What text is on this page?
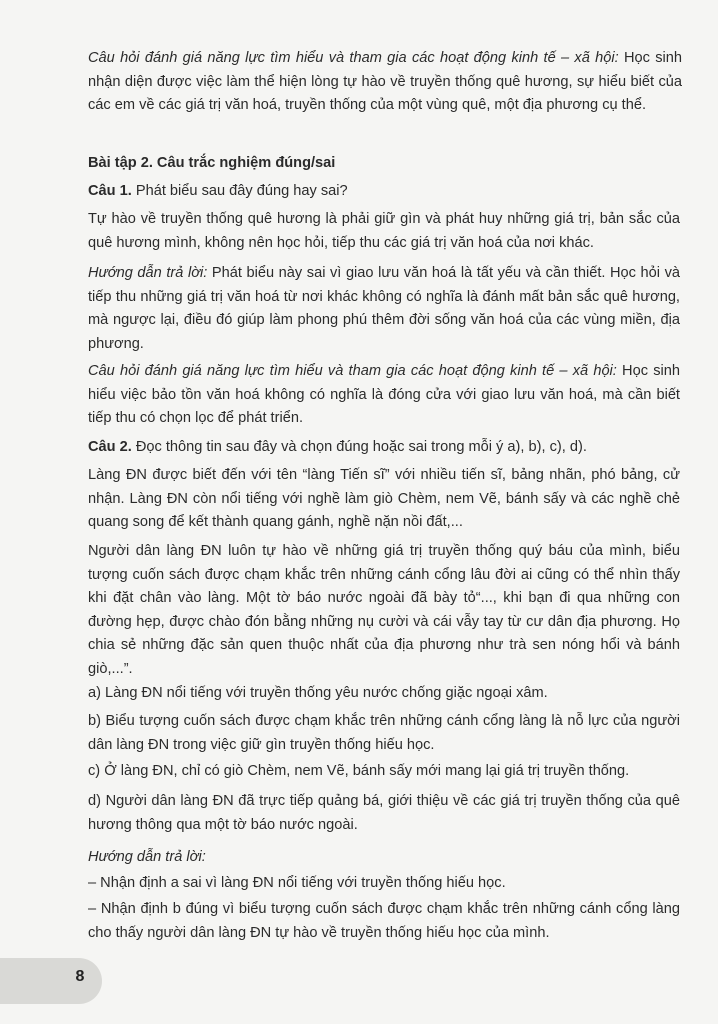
Câu hỏi đánh giá năng lực tìm hiểu và tham gia các hoạt động kinh tế – xã hội: Học sinh nhận diện được việc làm thể hiện lòng tự hào về truyền thống quê hương, sự hiểu biết của các em về các giá trị văn hoá, truyền thống của một vùng quê, một địa phương cụ thể.

Bài tập 2. Câu trắc nghiệm đúng/sai

Câu 1. Phát biểu sau đây đúng hay sai?

Tự hào về truyền thống quê hương là phải giữ gìn và phát huy những giá trị, bản sắc của quê hương mình, không nên học hỏi, tiếp thu các giá trị văn hoá của nơi khác.

Hướng dẫn trả lời: Phát biểu này sai vì giao lưu văn hoá là tất yếu và cần thiết. Học hỏi và tiếp thu những giá trị văn hoá từ nơi khác không có nghĩa là đánh mất bản sắc quê hương, mà ngược lại, điều đó giúp làm phong phú thêm đời sống văn hoá của các vùng miền, địa phương.

Câu hỏi đánh giá năng lực tìm hiểu và tham gia các hoạt động kinh tế – xã hội: Học sinh hiểu việc bảo tồn văn hoá không có nghĩa là đóng cửa với giao lưu văn hoá, mà cần biết tiếp thu có chọn lọc để phát triển.

Câu 2. Đọc thông tin sau đây và chọn đúng hoặc sai trong mỗi ý a), b), c), d).

Làng ĐN được biết đến với tên “làng Tiến sĩ” với nhiều tiến sĩ, bảng nhãn, phó bảng, cử nhận. Làng ĐN còn nổi tiếng với nghề làm giò Chèm, nem Vẽ, bánh sấy và các nghề chẻ quang song để kết thành quang gánh, nghề nặn nồi đất,...

Người dân làng ĐN luôn tự hào về những giá trị truyền thống quý báu của mình, biểu tượng cuốn sách được chạm khắc trên những cánh cổng lâu đời ai cũng có thể nhìn thấy khi đặt chân vào làng. Một tờ báo nước ngoài đã bày tỏ“..., khi bạn đi qua những con đường hẹp, được chào đón bằng những nụ cười và cái vẫy tay từ cư dân địa phương. Họ chia sẻ những đặc sản quen thuộc nhất của địa phương như trà sen nóng hổi và bánh giò,...”.

a) Làng ĐN nổi tiếng với truyền thống yêu nước chống giặc ngoại xâm.

b) Biểu tượng cuốn sách được chạm khắc trên những cánh cổng làng là nỗ lực của người dân làng ĐN trong việc giữ gìn truyền thống hiếu học.

c) Ở làng ĐN, chỉ có giò Chèm, nem Vẽ, bánh sấy mới mang lại giá trị truyền thống.

d) Người dân làng ĐN đã trực tiếp quảng bá, giới thiệu về các giá trị truyền thống của quê hương thông qua một tờ báo nước ngoài.

Hướng dẫn trả lời:

– Nhận định a sai vì làng ĐN nổi tiếng với truyền thống hiếu học.

– Nhận định b đúng vì biểu tượng cuốn sách được chạm khắc trên những cánh cổng làng cho thấy người dân làng ĐN tự hào về truyền thống hiếu học của mình.

8
